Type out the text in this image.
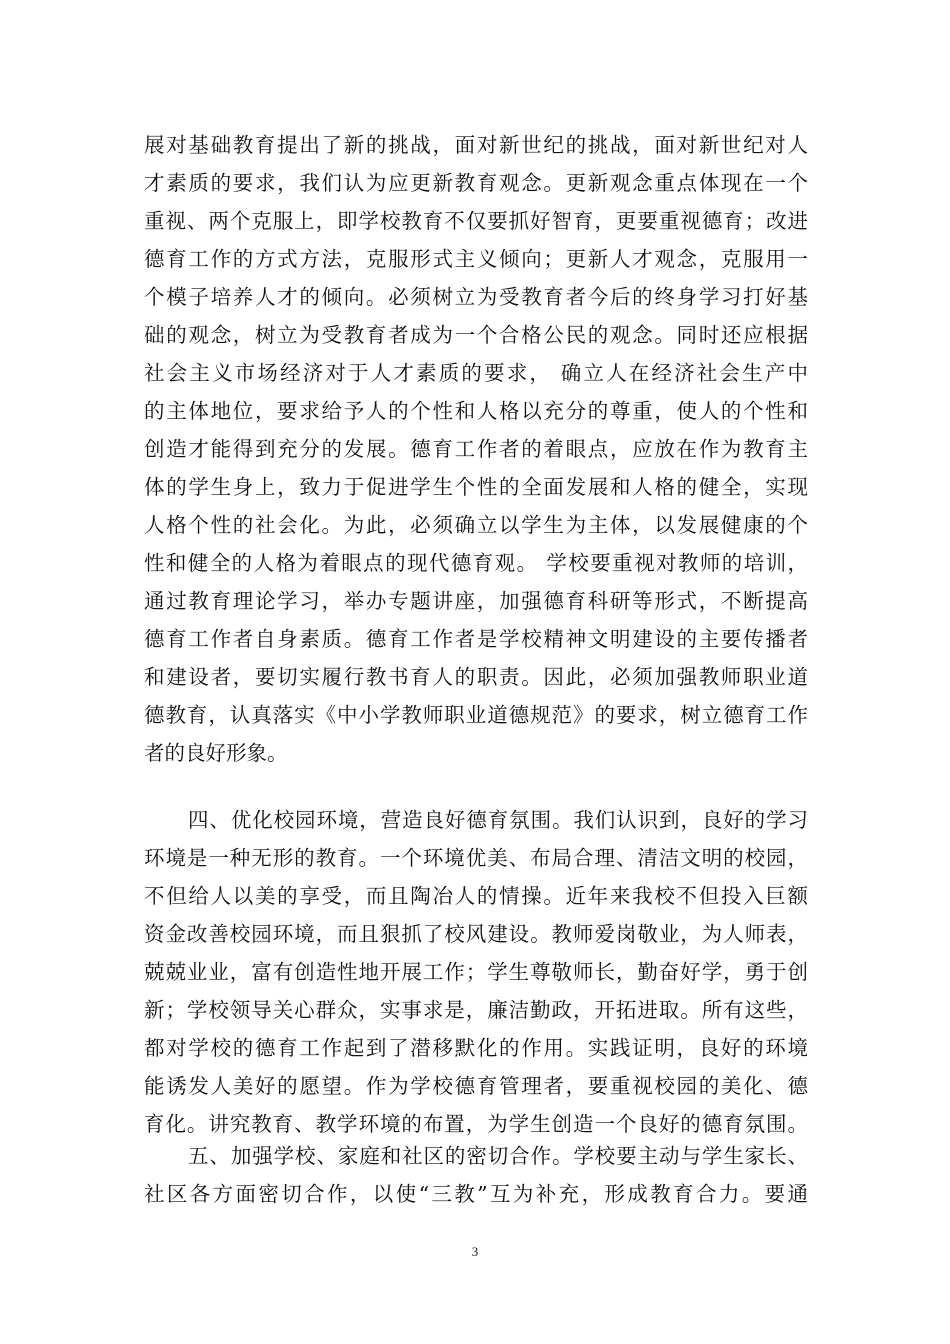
展对基础教育提出了新的挑战，面对新世纪的挑战，面对新世纪对人
才素质的要求，我们认为应更新教育观念。更新观念重点体现在一个
重视、两个克服上，即学校教育不仅要抓好智育，更要重视德育；改进
德育工作的方式方法，克服形式主义倾向；更新人才观念，克服用一
个模子培养人才的倾向。必须树立为受教育者今后的终身学习打好基
础的观念，树立为受教育者成为一个合格公民的观念。同时还应根据
社会主义市场经济对于人才素质的要求， 确立人在经济社会生产中
的主体地位，要求给予人的个性和人格以充分的尊重，使人的个性和
创造才能得到充分的发展。德育工作者的着眼点，应放在作为教育主
体的学生身上，致力于促进学生个性的全面发展和人格的健全，实现
人格个性的社会化。为此，必须确立以学生为主体，以发展健康的个
性和健全的人格为着眼点的现代德育观。 学校要重视对教师的培训，
通过教育理论学习，举办专题讲座，加强德育科研等形式，不断提高
德育工作者自身素质。德育工作者是学校精神文明建设的主要传播者
和建设者，要切实履行教书育人的职责。因此，必须加强教师职业道
德教育，认真落实《中小学教师职业道德规范》的要求，树立德育工作
者的良好形象。
四、优化校园环境，营造良好德育氛围。我们认识到，良好的学习
环境是一种无形的教育。一个环境优美、布局合理、清洁文明的校园，
不但给人以美的享受，而且陶冶人的情操。近年来我校不但投入巨额
资金改善校园环境，而且狠抓了校风建设。教师爱岗敬业，为人师表，
兢兢业业，富有创造性地开展工作；学生尊敬师长，勤奋好学，勇于创
新；学校领导关心群众，实事求是，廉洁勤政，开拓进取。所有这些，
都对学校的德育工作起到了潜移默化的作用。实践证明，良好的环境
能诱发人美好的愿望。作为学校德育管理者，要重视校园的美化、德
育化。讲究教育、教学环境的布置，为学生创造一个良好的德育氛围。
五、加强学校、家庭和社区的密切合作。学校要主动与学生家长、
社区各方面密切合作，以使“三教”互为补充，形成教育合力。要通
3
